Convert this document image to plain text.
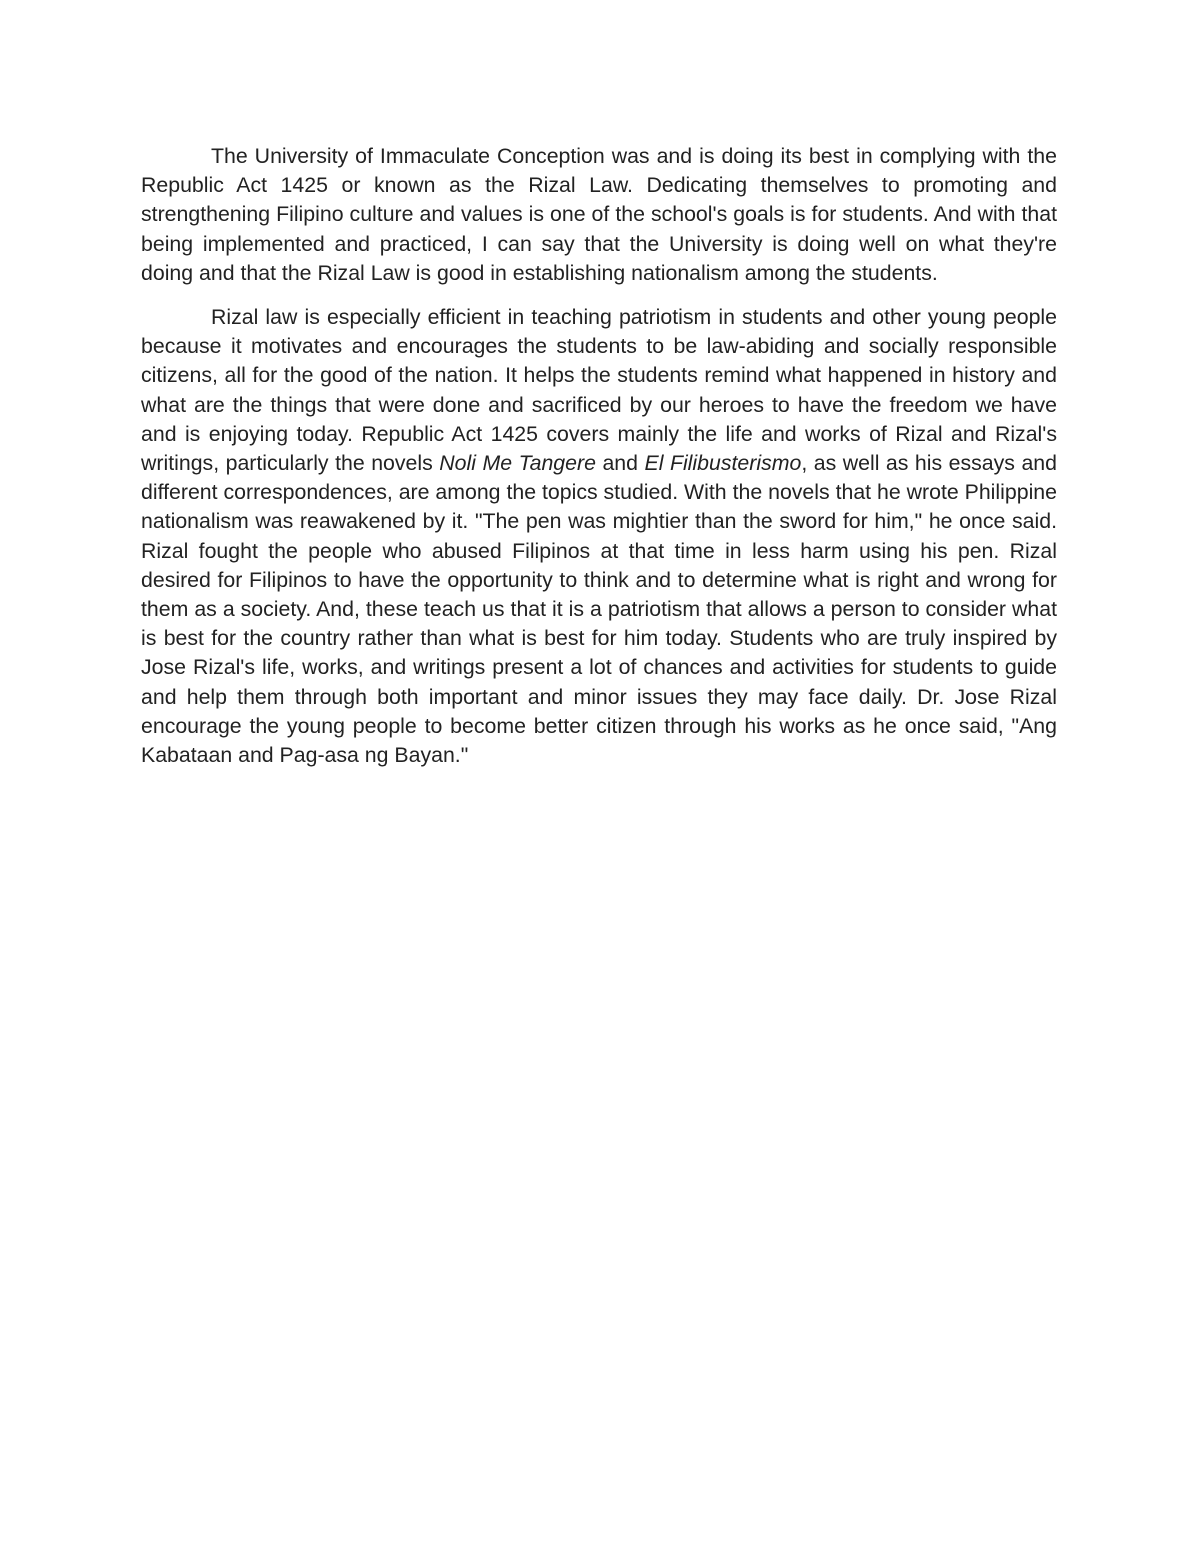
The University of Immaculate Conception was and is doing its best in complying with the Republic Act 1425 or known as the Rizal Law. Dedicating themselves to promoting and strengthening Filipino culture and values is one of the school's goals is for students. And with that being implemented and practiced, I can say that the University is doing well on what they're doing and that the Rizal Law is good in establishing nationalism among the students.

Rizal law is especially efficient in teaching patriotism in students and other young people because it motivates and encourages the students to be law-abiding and socially responsible citizens, all for the good of the nation. It helps the students remind what happened in history and what are the things that were done and sacrificed by our heroes to have the freedom we have and is enjoying today. Republic Act 1425 covers mainly the life and works of Rizal and Rizal's writings, particularly the novels Noli Me Tangere and El Filibusterismo, as well as his essays and different correspondences, are among the topics studied. With the novels that he wrote Philippine nationalism was reawakened by it. "The pen was mightier than the sword for him," he once said. Rizal fought the people who abused Filipinos at that time in less harm using his pen. Rizal desired for Filipinos to have the opportunity to think and to determine what is right and wrong for them as a society. And, these teach us that it is a patriotism that allows a person to consider what is best for the country rather than what is best for him today. Students who are truly inspired by Jose Rizal's life, works, and writings present a lot of chances and activities for students to guide and help them through both important and minor issues they may face daily. Dr. Jose Rizal encourage the young people to become better citizen through his works as he once said, "Ang Kabataan and Pag-asa ng Bayan."
